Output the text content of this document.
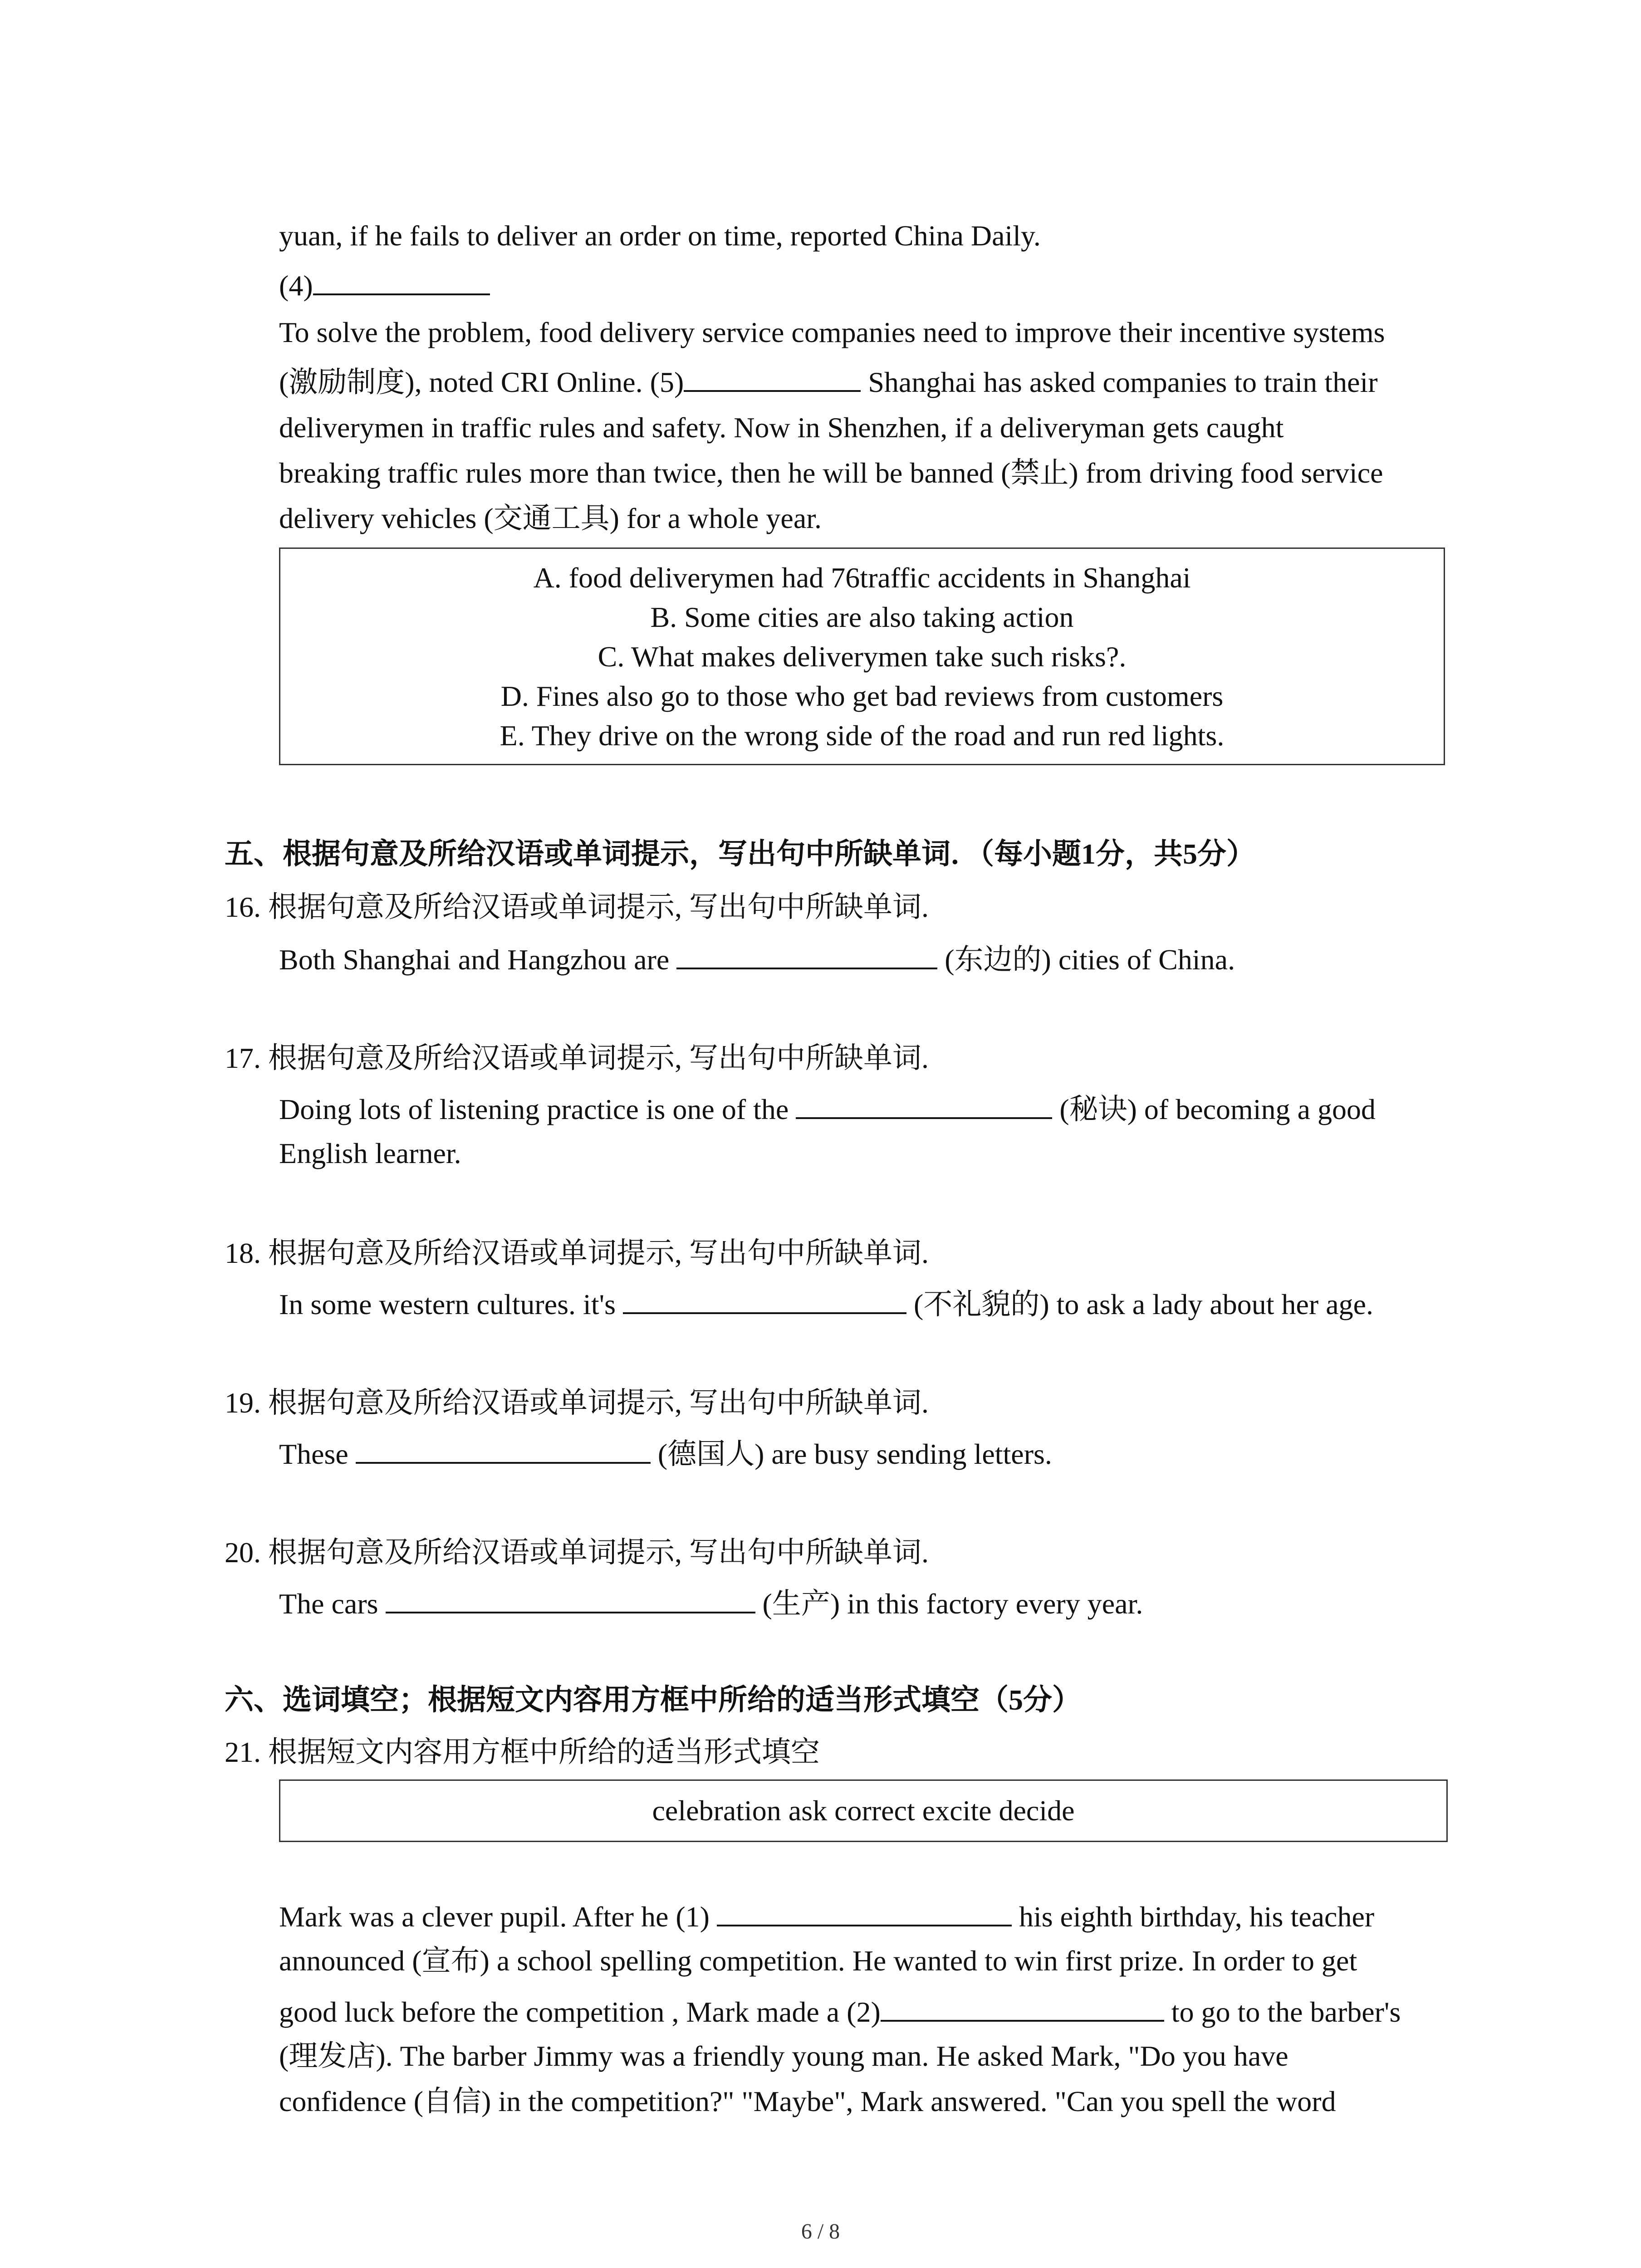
yuan, if he fails to deliver an order on time, reported China Daily.
(4)
To solve the problem, food delivery service companies need to improve their incentive systems
(激励制度), noted CRI Online. (5)	Shanghai has asked companies to train their
deliverymen in traffic rules and safety. Now in Shenzhen, if a deliveryman gets caught
breaking traffic rules more than twice, then he will be banned (禁止) from driving food service
delivery vehicles (交通工具) for a whole year.
A. food deliverymen had 76traffic accidents in Shanghai
B. Some cities are also taking action
C. What makes deliverymen take such risks?.
D. Fines also go to those who get bad reviews from customers
E. They drive on the wrong side of the road and run red lights.
五、根据句意及所给汉语或单词提示，写出句中所缺单词．（每小题1分，共5分）
16. 根据句意及所给汉语或单词提示, 写出句中所缺单词.
Both Shanghai and Hangzhou are	(东边的) cities of China.
17. 根据句意及所给汉语或单词提示, 写出句中所缺单词.
Doing lots of listening practice is one of the	(秘诀) of becoming a good
English learner.
18. 根据句意及所给汉语或单词提示, 写出句中所缺单词.
In some western cultures. it's	(不礼貌的) to ask a lady about her age.
19. 根据句意及所给汉语或单词提示, 写出句中所缺单词.
These	(德国人) are busy sending letters.
20. 根据句意及所给汉语或单词提示, 写出句中所缺单词.
The cars	(生产) in this factory every year.
六、选词填空；根据短文内容用方框中所给的适当形式填空（5分）
21. 根据短文内容用方框中所给的适当形式填空
celebration ask correct excite decide
Mark was a clever pupil. After he (1)	his eighth birthday, his teacher
announced (宣布) a school spelling competition. He wanted to win first prize. In order to get
good luck before the competition , Mark made a (2)	to go to the barber's
(理发店). The barber Jimmy was a friendly young man. He asked Mark, "Do you have
confidence (自信) in the competition?" "Maybe", Mark answered. "Can you spell the word
6 / 8
